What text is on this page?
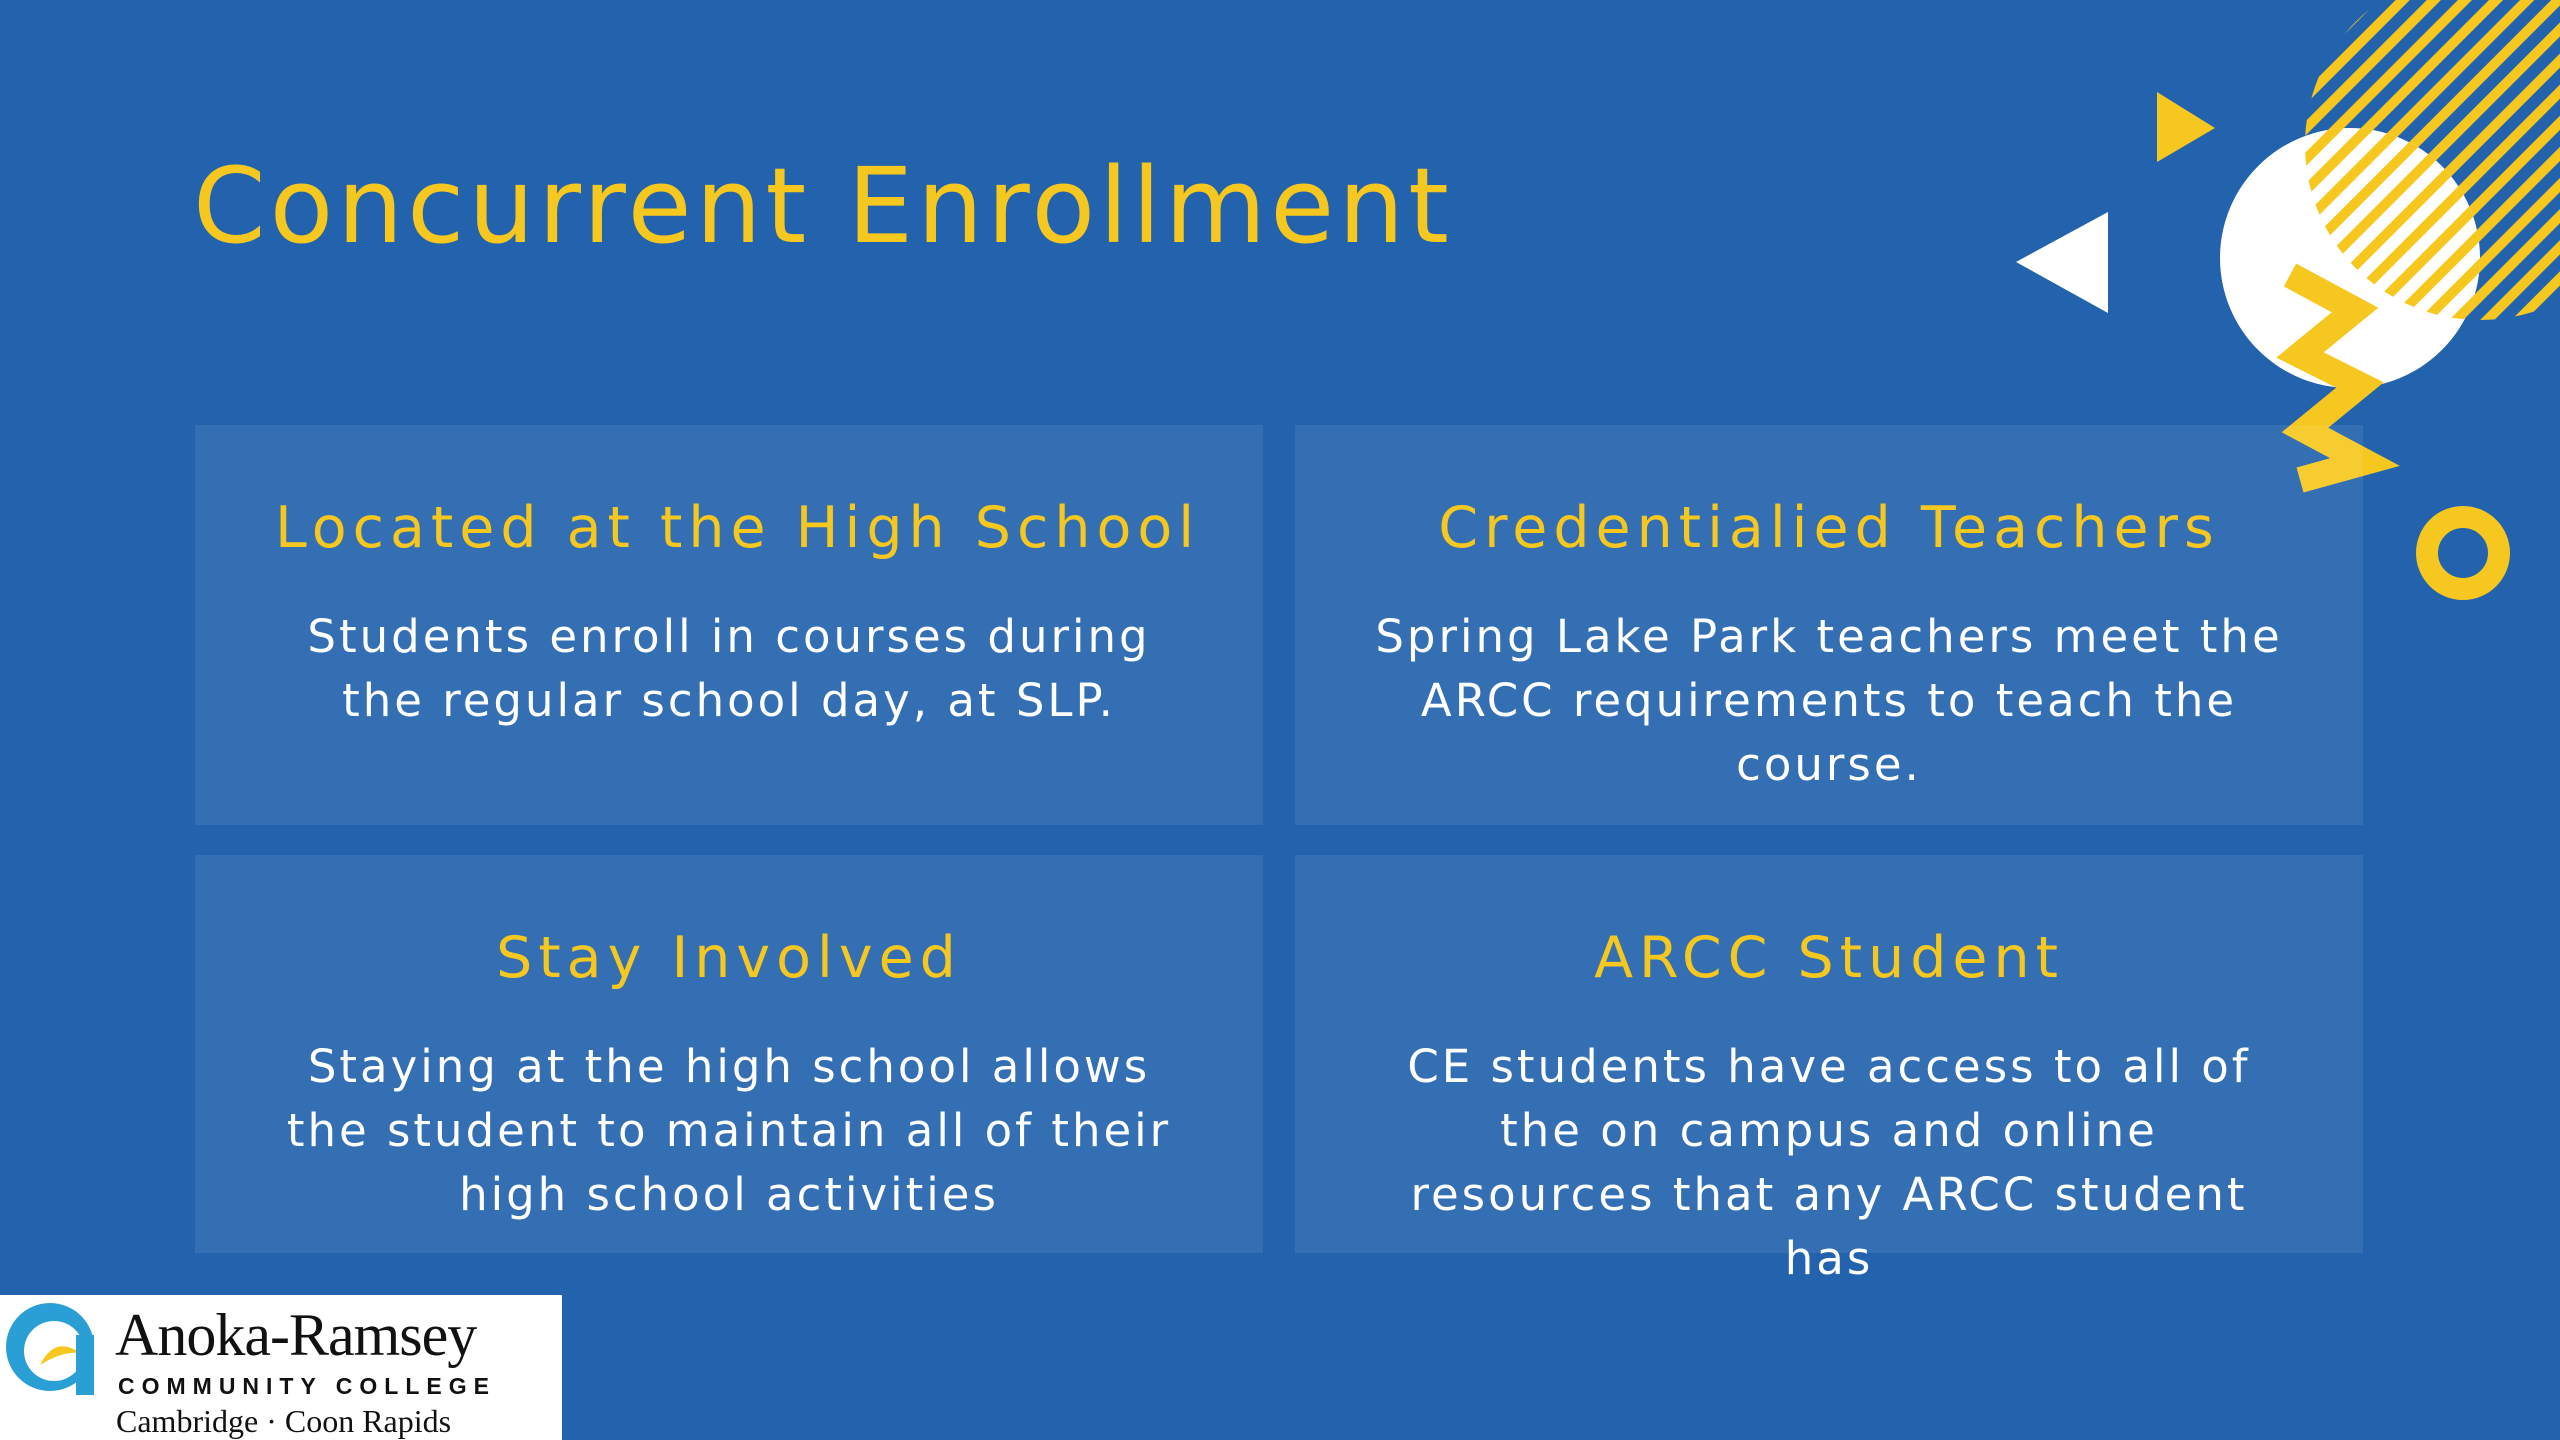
Concurrent Enrollment
Located at the High School
Students enroll in courses during the regular school day, at SLP.
Credentialied Teachers
Spring Lake Park teachers meet the ARCC requirements to teach the course.
Stay Involved
Staying at the high school allows the student to maintain all of their high school activities
ARCC Student
CE students have access to all of the on campus and online resources that any ARCC student has
Anoka-Ramsey
COMMUNITY COLLEGE
Cambridge · Coon Rapids
